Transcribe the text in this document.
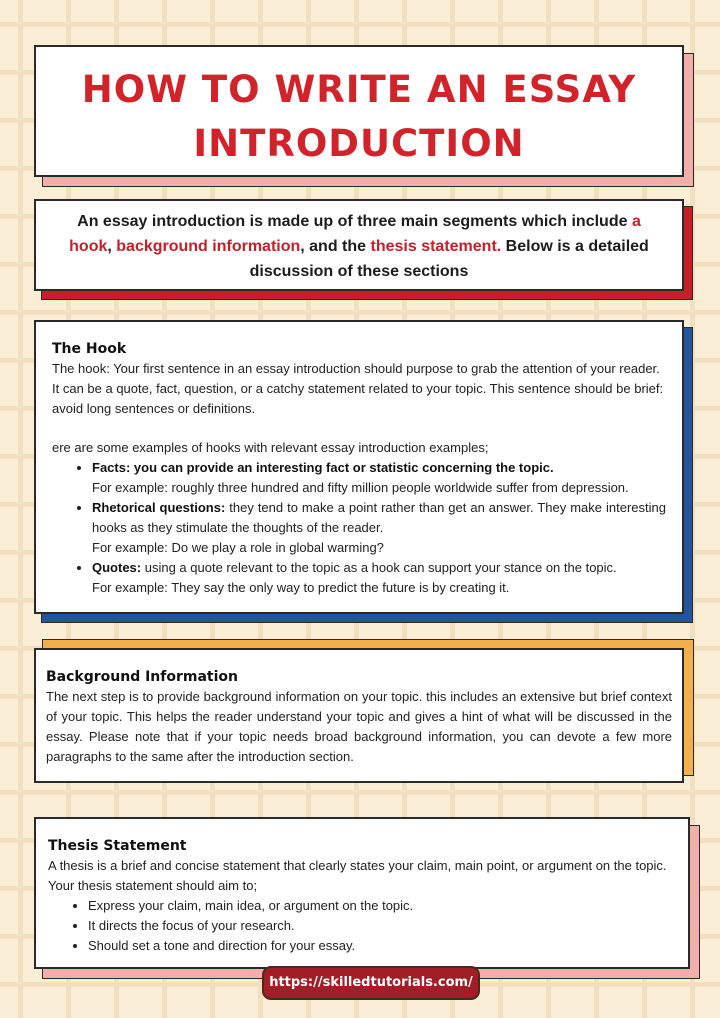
HOW TO WRITE AN ESSAY
INTRODUCTION

An essay introduction is made up of three main segments which include a hook, background information, and the thesis statement. Below is a detailed discussion of these sections

The Hook

The hook: Your first sentence in an essay introduction should purpose to grab the attention of your reader. It can be a quote, fact, question, or a catchy statement related to your topic. This sentence should be brief: avoid long sentences or definitions.

ere are some examples of hooks with relevant essay introduction examples;

• Facts: you can provide an interesting fact or statistic concerning the topic.
For example: roughly three hundred and fifty million people worldwide suffer from depression.
• Rhetorical questions: they tend to make a point rather than get an answer. They make interesting hooks as they stimulate the thoughts of the reader.
For example: Do we play a role in global warming?
• Quotes: using a quote relevant to the topic as a hook can support your stance on the topic.
For example: They say the only way to predict the future is by creating it.
Background Information

The next step is to provide background information on your topic. this includes an extensive but brief context of your topic. This helps the reader understand your topic and gives a hint of what will be discussed in the essay. Please note that if your topic needs broad background information, you can devote a few more paragraphs to the same after the introduction section.

Thesis Statement

A thesis is a brief and concise statement that clearly states your claim, main point, or argument on the topic. Your thesis statement should aim to;

• Express your claim, main idea, or argument on the topic.
• It directs the focus of your research.
• Should set a tone and direction for your essay.
https://skilledtutorials.com/
